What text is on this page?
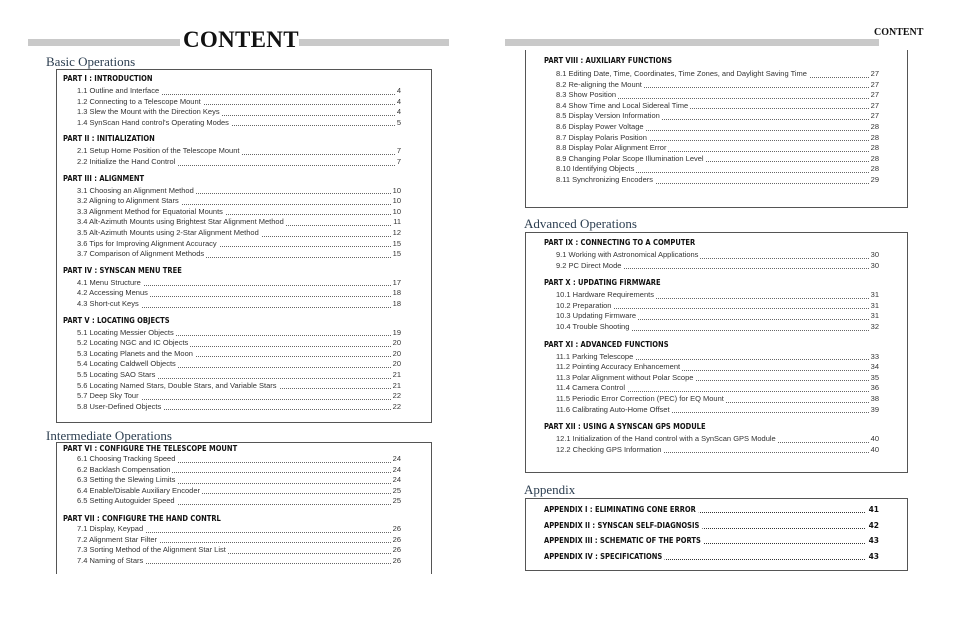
CONTENT
Basic Operations
PART I : INTRODUCTION
1.1 Outline and Interface	4
1.2 Connecting to a Telescope Mount	4
1.3 Slew the Mount with the Direction Keys	4
1.4 SynScan Hand control's Operating Modes	5
PART II : INITIALIZATION
2.1 Setup Home Position of the Telescope Mount	7
2.2 Initialize the Hand Control	7
PART III : ALIGNMENT
3.1 Choosing an Alignment Method	10
3.2 Aligning to Alignment Stars	10
3.3 Alignment Method for Equatorial Mounts	10
3.4 Alt-Azimuth Mounts using Brightest Star Alignment Method	11
3.5 Alt-Azimuth Mounts using 2-Star Alignment Method	12
3.6 Tips for Improving Alignment Accuracy	15
3.7 Comparison of Alignment Methods	15
PART IV : SYNSCAN MENU TREE
4.1 Menu Structure	17
4.2 Accessing Menus	18
4.3 Short-cut Keys	18
PART V : LOCATING OBJECTS
5.1 Locating Messier Objects	19
5.2 Locating NGC and IC Objects	20
5.3 Locating Planets and the Moon	20
5.4 Locating Caldwell Objects	20
5.5 Locating SAO Stars	21
5.6 Locating Named Stars, Double Stars, and Variable Stars	21
5.7 Deep Sky Tour	22
5.8 User-Defined Objects	22
Intermediate Operations
PART VI : CONFIGURE THE TELESCOPE MOUNT
6.1 Choosing Tracking Speed	24
6.2 Backlash Compensation	24
6.3 Setting the Slewing Limits	24
6.4 Enable/Disable Auxiliary Encoder	25
6.5 Setting Autoguider Speed	25
PART VII : CONFIGURE THE HAND CONTRL
7.1 Display, Keypad	26
7.2 Alignment Star Filter	26
7.3 Sorting Method of the Alignment Star List	26
7.4 Naming of Stars	26
CONTENT
PART VIII : AUXILIARY FUNCTIONS
8.1 Editing Date, Time, Coordinates, Time Zones, and Daylight Saving Time	27
8.2 Re-aligning the Mount	27
8.3 Show Position	27
8.4 Show Time and Local Sidereal Time	27
8.5 Display Version Information	27
8.6 Display Power Voltage	28
8.7 Display Polaris Position	28
8.8 Display Polar Alignment Error	28
8.9 Changing Polar Scope Illumination Level	28
8.10 Identifying Objects	28
8.11 Synchronizing Encoders	29
Advanced Operations
PART IX : CONNECTING TO A COMPUTER
9.1 Working with Astronomical Applications	30
9.2 PC Direct Mode	30
PART X : UPDATING FIRMWARE
10.1 Hardware Requirements	31
10.2 Preparation	31
10.3 Updating Firmware	31
10.4 Trouble Shooting	32
PART XI : ADVANCED FUNCTIONS
11.1 Parking Telescope	33
11.2 Pointing Accuracy Enhancement	34
11.3 Polar Alignment without Polar Scope	35
11.4 Camera Control	36
11.5 Periodic Error Correction (PEC) for EQ Mount	38
11.6 Calibrating Auto-Home Offset	39
PART XII : USING A SYNSCAN GPS MODULE
12.1 Initialization of the Hand control with a SynScan GPS Module	40
12.2 Checking GPS Information	40
Appendix
APPENDIX I : ELIMINATING CONE ERROR	41
APPENDIX II : SYNSCAN SELF-DIAGNOSIS	42
APPENDIX III : SCHEMATIC OF THE PORTS	43
APPENDIX IV : SPECIFICATIONS	43
